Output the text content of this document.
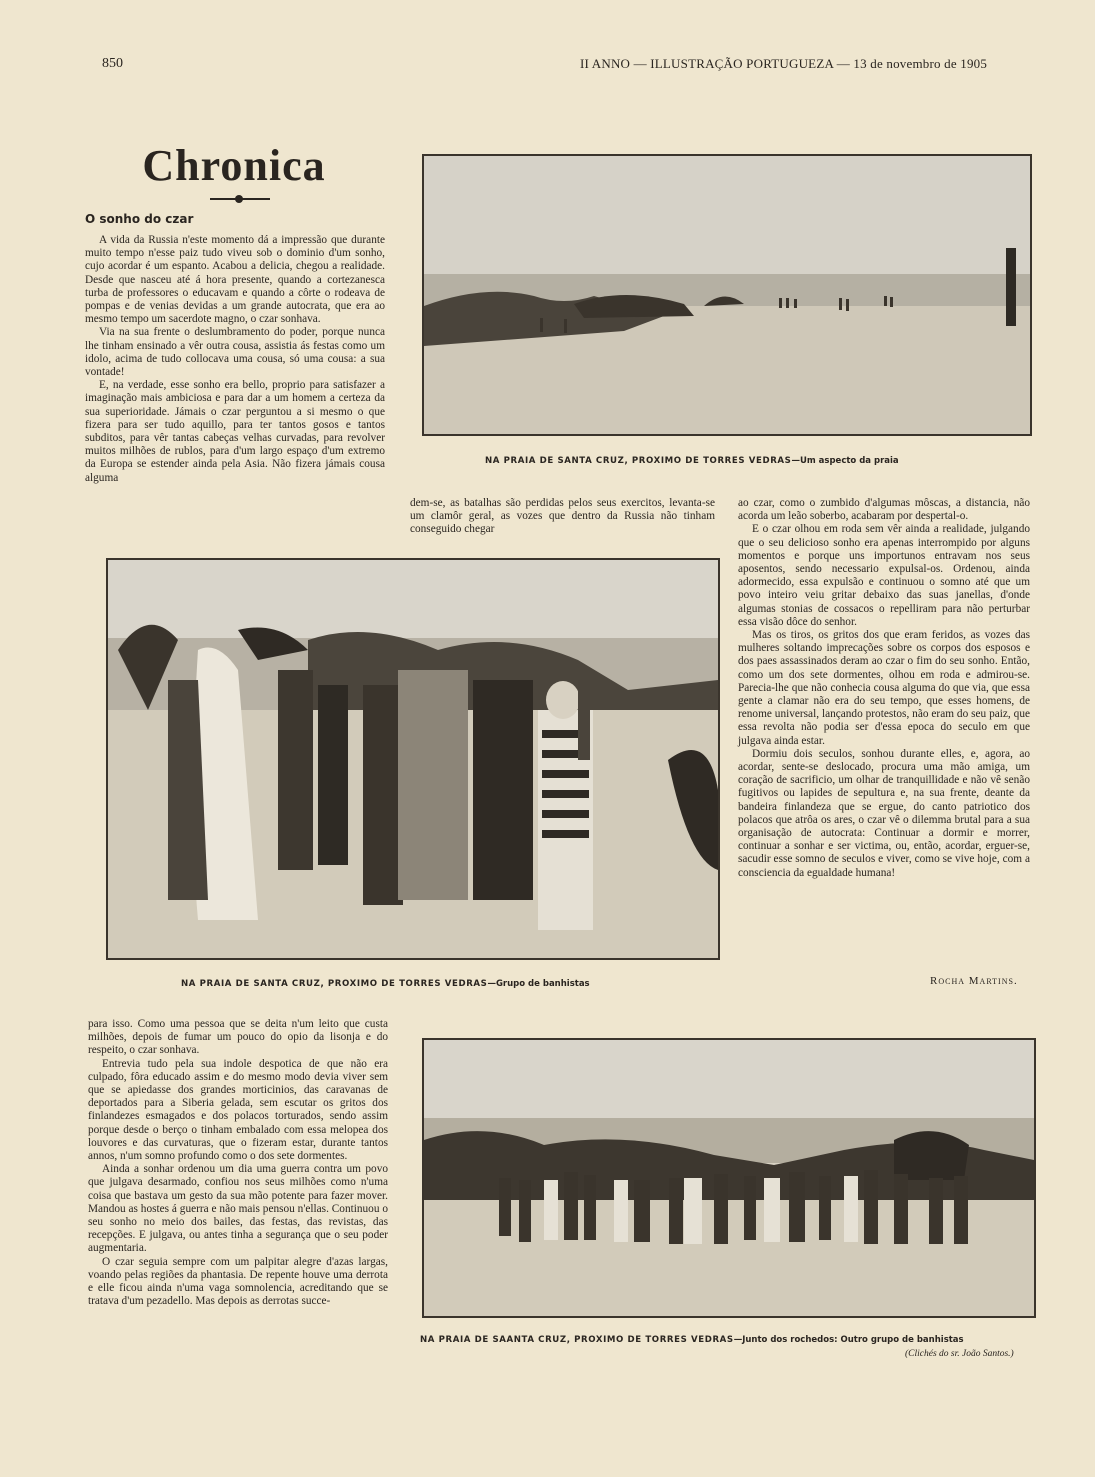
850	II ANNO — ILLUSTRAÇÃO PORTUGUEZA — 13 de novembro de 1905
Chronica
O sonho do czar

A vida da Russia n'este momento dá a impressão que durante muito tempo n'esse paiz tudo viveu sob o dominio d'um sonho, cujo acordar é um espanto. Acabou a delicia, chegou a realidade. Desde que nasceu até á hora presente, quando a cortezanesca turba de professores o educavam e quando a côrte o rodeava de pompas e de venias devidas a um grande autocrata, que era ao mesmo tempo um sacerdote magno, o czar sonhava.

Via na sua frente o deslumbramento do poder, porque nunca lhe tinham ensinado a vêr outra cousa, assistia ás festas como um idolo, acima de tudo collocava uma cousa, só uma cousa: a sua vontade!

E, na verdade, esse sonho era bello, proprio para satisfazer a imaginação mais ambiciosa e para dar a um homem a certeza da sua superioridade. Jámais o czar perguntou a si mesmo o que fizera para ser tudo aquillo, para ter tantos gosos e tantos subditos, para vêr tantas cabeças velhas curvadas, para revolver muitos milhões de rublos, para d'um largo espaço d'um extremo da Europa se estender ainda pela Asia. Não fizera jámais cousa alguma

NA PRAIA DE SANTA CRUZ, PROXIMO DE TORRES VEDRAS—Um aspecto da praia

dem-se, as batalhas são perdidas pelos seus exercitos, levanta-se um clamôr geral, as vozes que dentro da Russia não tinham conseguido chegar

NA PRAIA DE SANTA CRUZ, PROXIMO DE TORRES VEDRAS—Grupo de banhistas

ao czar, como o zumbido d'algumas môscas, a distancia, não acorda um leão soberbo, acabaram por despertal-o.

E o czar olhou em roda sem vêr ainda a realidade, julgando que o seu delicioso sonho era apenas interrompido por alguns momentos e porque uns importunos entravam nos seus aposentos, sendo necessario expulsal-os. Ordenou, ainda adormecido, essa expulsão e continuou o somno até que um povo inteiro veiu gritar debaixo das suas janellas, d'onde algumas stonias de cossacos o repelliram para não perturbar essa visão dôce do senhor.

Mas os tiros, os gritos dos que eram feridos, as vozes das mulheres soltando imprecações sobre os corpos dos esposos e dos paes assassinados deram ao czar o fim do seu sonho. Então, como um dos sete dormentes, olhou em roda e admirou-se. Parecia-lhe que não conhecia cousa alguma do que via, que essa gente a clamar não era do seu tempo, que esses homens, de renome universal, lançando protestos, não eram do seu paiz, que essa revolta não podia ser d'essa epoca do seculo em que julgava ainda estar.

Dormiu dois seculos, sonhou durante elles, e, agora, ao acordar, sente-se deslocado, procura uma mão amiga, um coração de sacrificio, um olhar de tranquillidade e não vê senão fugitivos ou lapides de sepultura e, na sua frente, deante da bandeira finlandeza que se ergue, do canto patriotico dos polacos que atrôa os ares, o czar vê o dilemma brutal para a sua organisação de autocrata: Continuar a dormir e morrer, continuar a sonhar e ser victima, ou, então, acordar, erguer-se, sacudir esse somno de seculos e viver, como se vive hoje, com a consciencia da egualdade humana!

Rocha Martins.

para isso. Como uma pessoa que se deita n'um leito que custa milhões, depois de fumar um pouco do opio da lisonja e do respeito, o czar sonhava.

Entrevia tudo pela sua indole despotica de que não era culpado, fôra educado assim e do mesmo modo devia viver sem que se apiedasse dos grandes morticinios, das caravanas de deportados para a Siberia gelada, sem escutar os gritos dos finlandezes esmagados e dos polacos torturados, sendo assim porque desde o berço o tinham embalado com essa melopea dos louvores e das curvaturas, que o fizeram estar, durante tantos annos, n'um somno profundo como o dos sete dormentes.

Ainda a sonhar ordenou um dia uma guerra contra um povo que julgava desarmado, confiou nos seus milhões como n'uma coisa que bastava um gesto da sua mão potente para fazer mover. Mandou as hostes á guerra e não mais pensou n'ellas. Continuou o seu sonho no meio dos bailes, das festas, das revistas, das recepções. E julgava, ou antes tinha a segurança que o seu poder augmentaria.

O czar seguia sempre com um palpitar alegre d'azas largas, voando pelas regiões da phantasia. De repente houve uma derrota e elle ficou ainda n'uma vaga somnolencia, acreditando que se tratava d'um pezadello. Mas depois as derrotas succe-

NA PRAIA DE SAANTA CRUZ, PROXIMO DE TORRES VEDRAS—Junto dos rochedos: Outro grupo de banhistas
(Clichés do sr. João Santos.)
